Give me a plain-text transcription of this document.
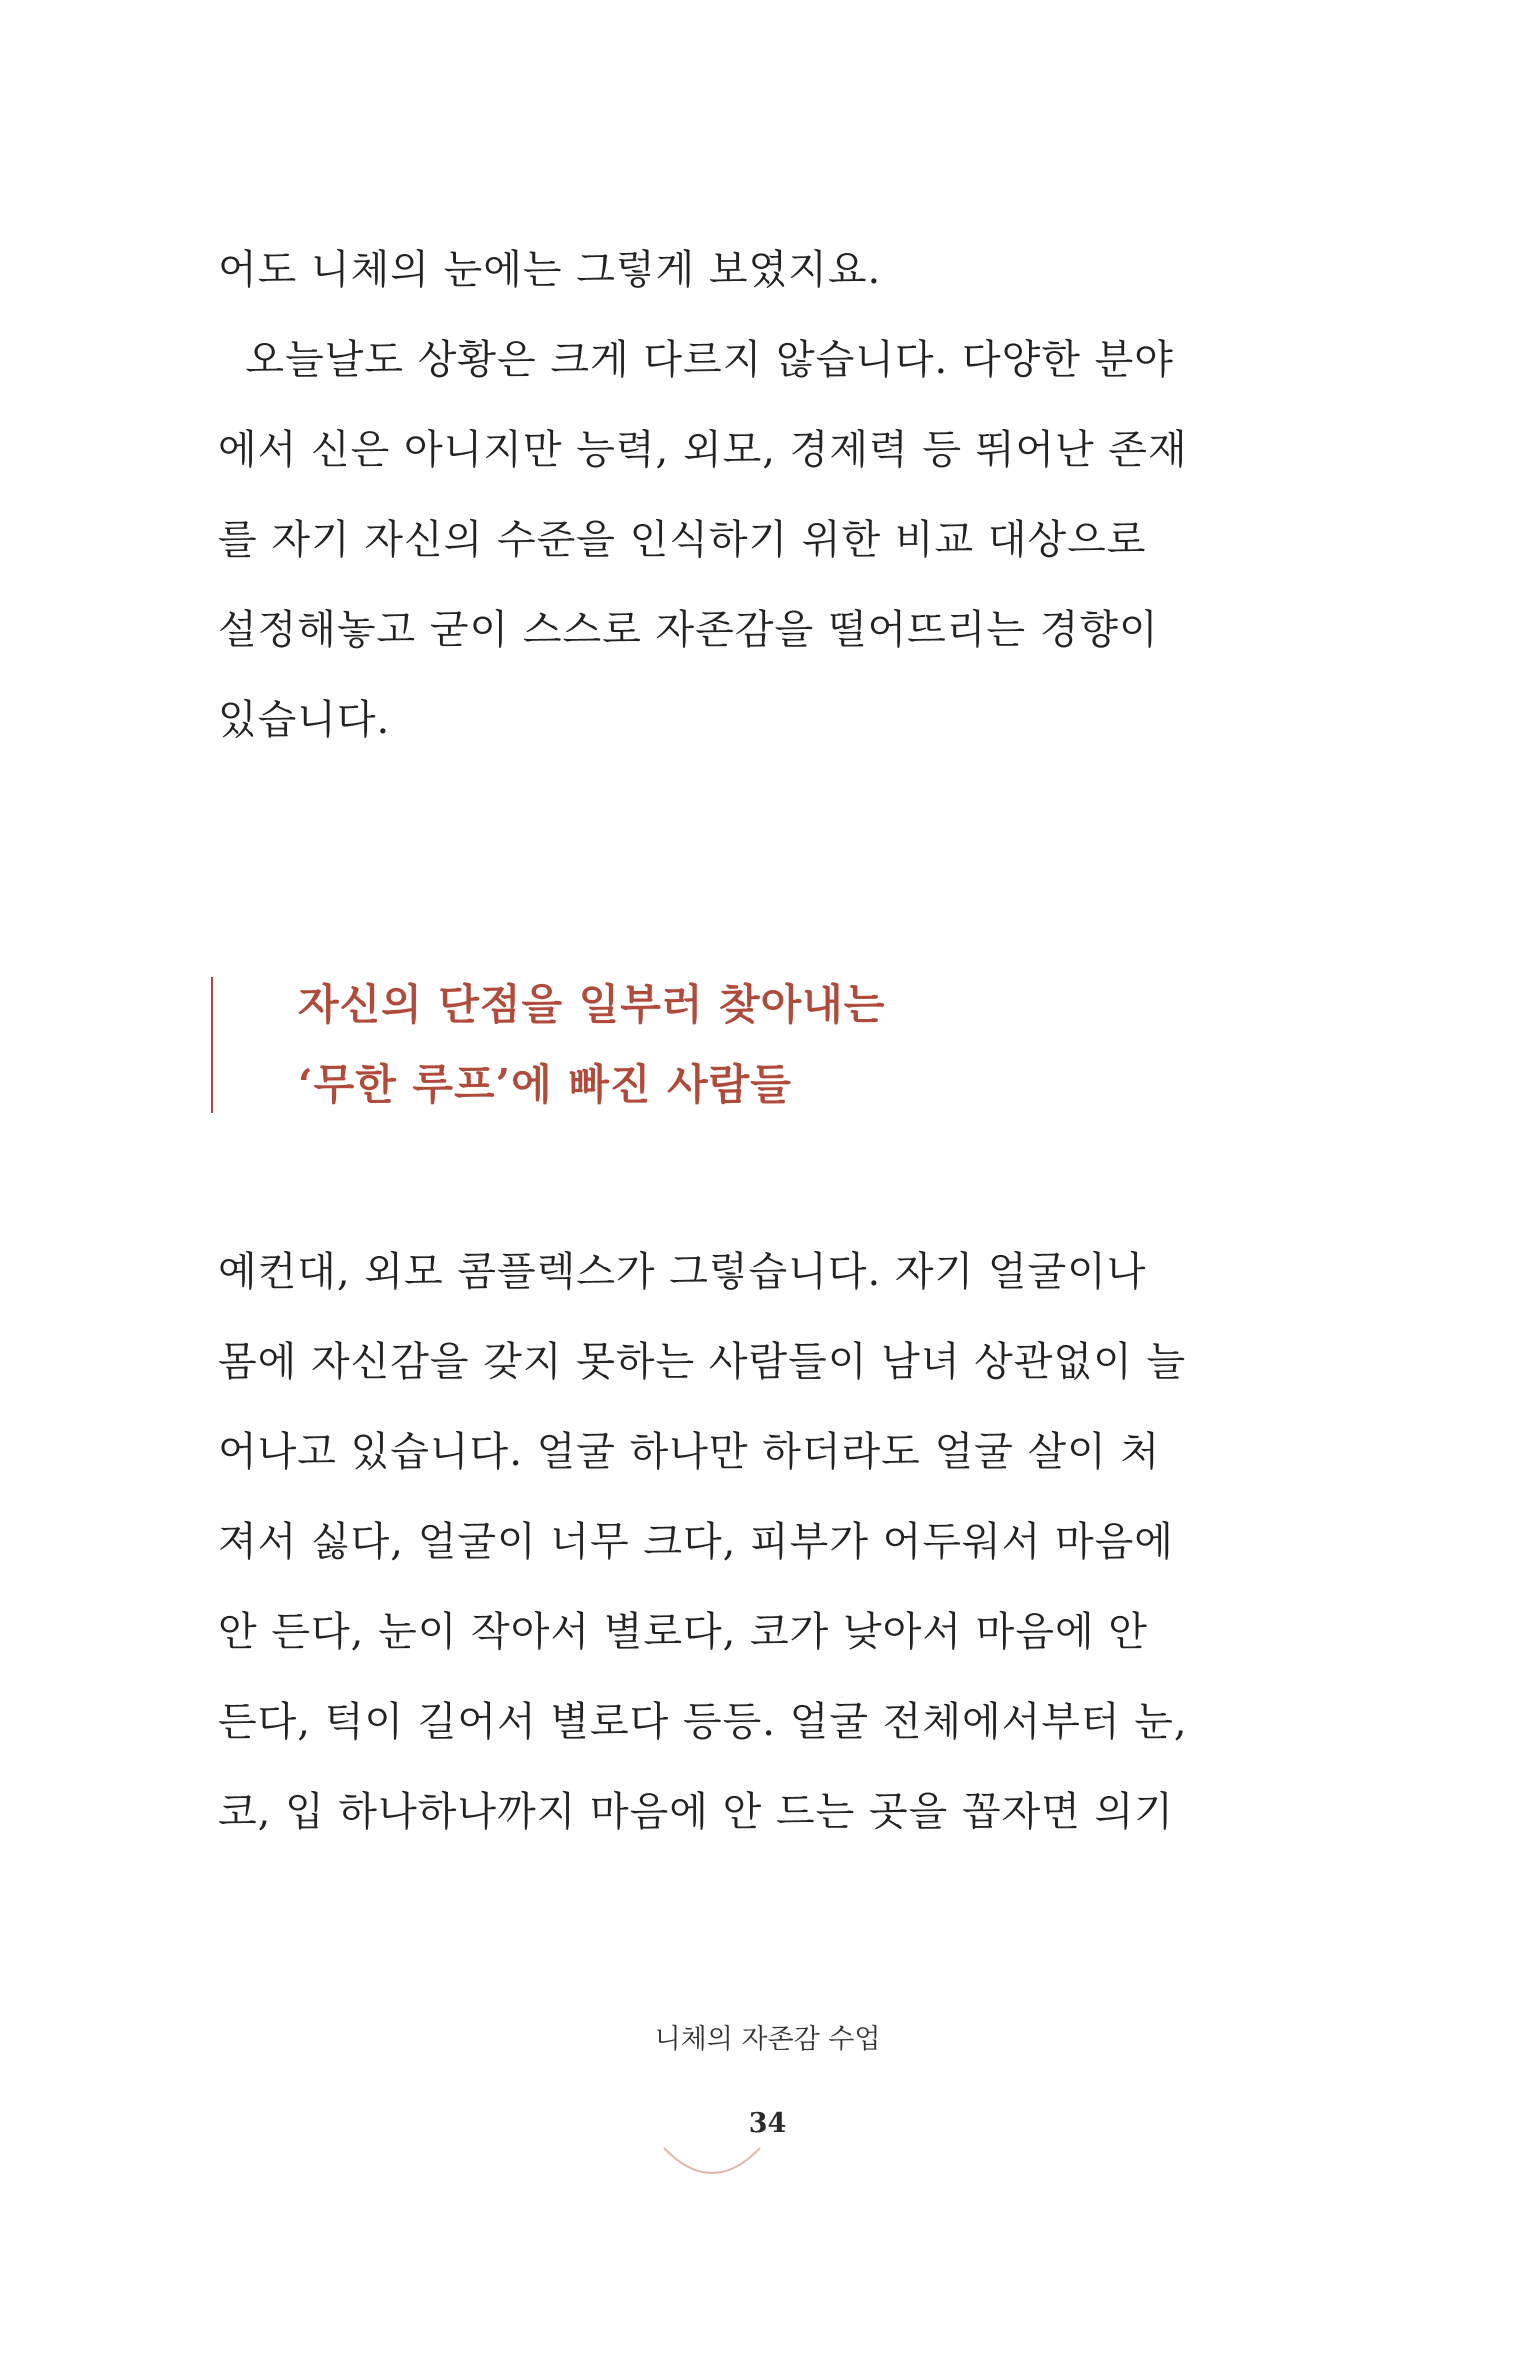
어도 니체의 눈에는 그렇게 보였지요.
오늘날도 상황은 크게 다르지 않습니다. 다양한 분야
에서 신은 아니지만 능력, 외모, 경제력 등 뛰어난 존재
를 자기 자신의 수준을 인식하기 위한 비교 대상으로
설정해놓고 굳이 스스로 자존감을 떨어뜨리는 경향이
있습니다.
자신의 단점을 일부러 찾아내는
‘무한 루프’에 빠진 사람들
예컨대, 외모 콤플렉스가 그렇습니다. 자기 얼굴이나
몸에 자신감을 갖지 못하는 사람들이 남녀 상관없이 늘
어나고 있습니다. 얼굴 하나만 하더라도 얼굴 살이 처
져서 싫다, 얼굴이 너무 크다, 피부가 어두워서 마음에
안 든다, 눈이 작아서 별로다, 코가 낮아서 마음에 안
든다, 턱이 길어서 별로다 등등. 얼굴 전체에서부터 눈,
코, 입 하나하나까지 마음에 안 드는 곳을 꼽자면 의기
니체의 자존감 수업
34
